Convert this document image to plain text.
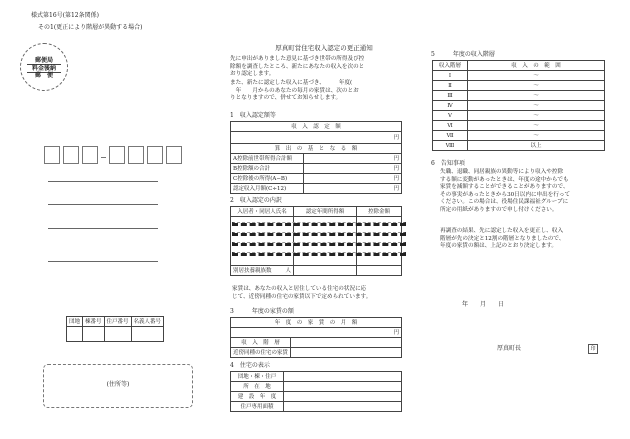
様式第16号(第12条関係)
その1(更正により階層が異動する場合)
郵便局
料金後納
郵　便
団地	棟番号	住戸番号	名義人番号

(住所等)
厚真町営住宅収入認定の更正通知
先に申出がありました意見に基づき世帯の所得及び控
除額を調査したところ、新たにあなたの収入を次のと
おり認定します。
また、新たに認定した収入に基づき、　　　年度(
　年　　月からのあなたの毎月の家賃は、次のとお
りとなりますので、併せてお知らせします。
1　収入認定額等
収　入　認　定　額	
円	
算　出　の　基　と　な　る　額	
A控除前世帯所得合計額	円
B控除額の合計	円
C控除後の所得(A−B)	円
認定収入月額(C÷12)	円
2　収入認定の内訳
入居者・同居人氏名	認定年間所得額	控除金額

別居扶養親族数 人		

家賃は、あなたの収入と居住している住宅の状況に応
じて、近傍同種の住宅の家賃以下で定められています。
3　　　年度の家賃の額
年　度　の　家　賃　の　月　額	
円	
収　入　階　層	
近傍同種の住宅の家賃	
4　住宅の表示
団地・棟・住戸	
所　在　地	
建　設　年　度	
住戸専用面積	
5　　　年度の収入階層
収入階層	収　入　の　範　囲
Ⅰ	〜
Ⅱ	〜
Ⅲ	〜
Ⅳ	〜
Ⅴ	〜
Ⅵ	〜
Ⅶ	〜
Ⅷ	以上
6　告知事項
失職、退職、同居親族の異動等により収入や控除
する額に変動があったときは、年度の途中からでも
家賃を減額することができることがありますので、
その事実があったときから30日以内に申出を行って
ください。この場合は、役場住民課福祉グループに
所定の用紙がありますので申し付けください。
再調査の結果、先に認定した収入を更正し、収入
階層が先の決定と12割の階層となりましたので、
年度の家賃の額は、上記のとおり決定します。
年　　月　　日
厚真町長	印
